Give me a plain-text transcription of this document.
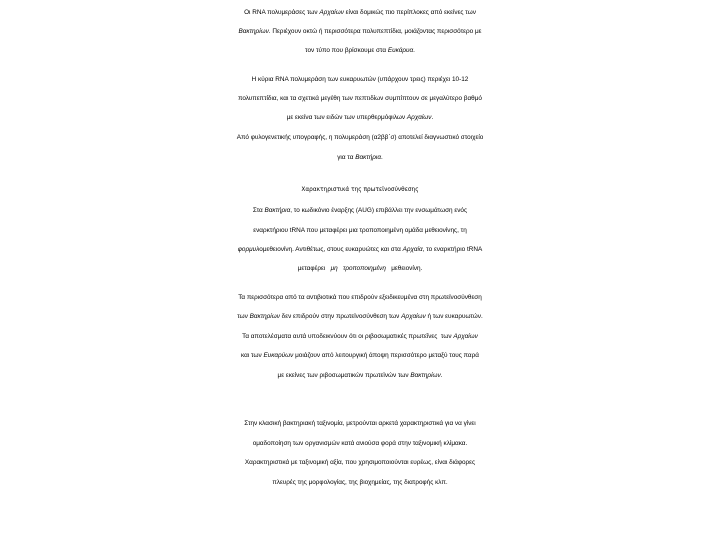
Οι RNA πολυμεράσες των Αρχαίων είναι δομικώς πιο περίπλοκες από εκείνες των
Βακτηρίων. Περιέχουν οκτώ ή περισσότερα πολυπεπτίδια, μοιάζοντας περισσότερο με
τον τύπο που βρίσκουμε στα Ευκάρυα.
Η κύρια RNA πολυμεράση των ευκαρυωτών (υπάρχουν τρεις) περιέχει 10-12
πολυπεπτίδια, και τα σχετικά μεγέθη των πεπτιδίων συμπίπτουν σε μεγαλύτερο βαθμό
με εκείνα των ειδών των υπερθερμόφιλων Αρχαίων.
Από φυλογενετικής υπογραφής, η πολυμεράση (α2ββ΄σ) αποτελεί διαγνωστικό στοιχείο
για τα Βακτήρια.
Χαρακτηριστικά της πρωτεϊνοσύνθεσης
Στα Βακτήρια, το κωδικόνιο έναρξης (AUG) επιβάλλει την ενσωμάτωση ενός
εναρκτήριου tRNA που μεταφέρει μια τροποποιημένη ομάδα μεθειονίνης, τη
φορμυλομεθειονίνη. Αντιθέτως, στους ευκαρυώτες και στα Αρχαία, το εναρκτήριο tRNA
μεταφέρει   μη   τροποποιημένη   μεθειονίνη.
Τα περισσότερα από τα αντιβιοτικά που επιδρούν εξειδικευμένα στη πρωτεϊνοσύνθεση
των Βακτηρίων δεν επιδρούν στην πρωτεϊνοσύνθεση των Αρχαίων ή των ευκαρυωτών.
Τα αποτελέσματα αυτά υποδεικνύουν ότι οι ριβοσωματικές πρωτεΐνες  των Αρχαίων
και των Ευκαρύων μοιάζουν από λειτουργική άποψη περισσότερο μεταξύ τους παρά
με εκείνες των ριβοσωματικών πρωτεϊνών των Βακτηρίων.
Στην κλασική βακτηριακή ταξινομία, μετρούνται αρκετά χαρακτηριστικά για να γίνει
ομαδοποίηση των οργανισμών κατά ανιούσα φορά στην ταξινομική κλίμακα.
Χαρακτηριστικά με ταξινομική αξία, που χρησιμοποιούνται ευρέως, είναι διάφορες
πλευρές της μορφολογίας, της βιοχημείας, της διατροφής κλπ.
